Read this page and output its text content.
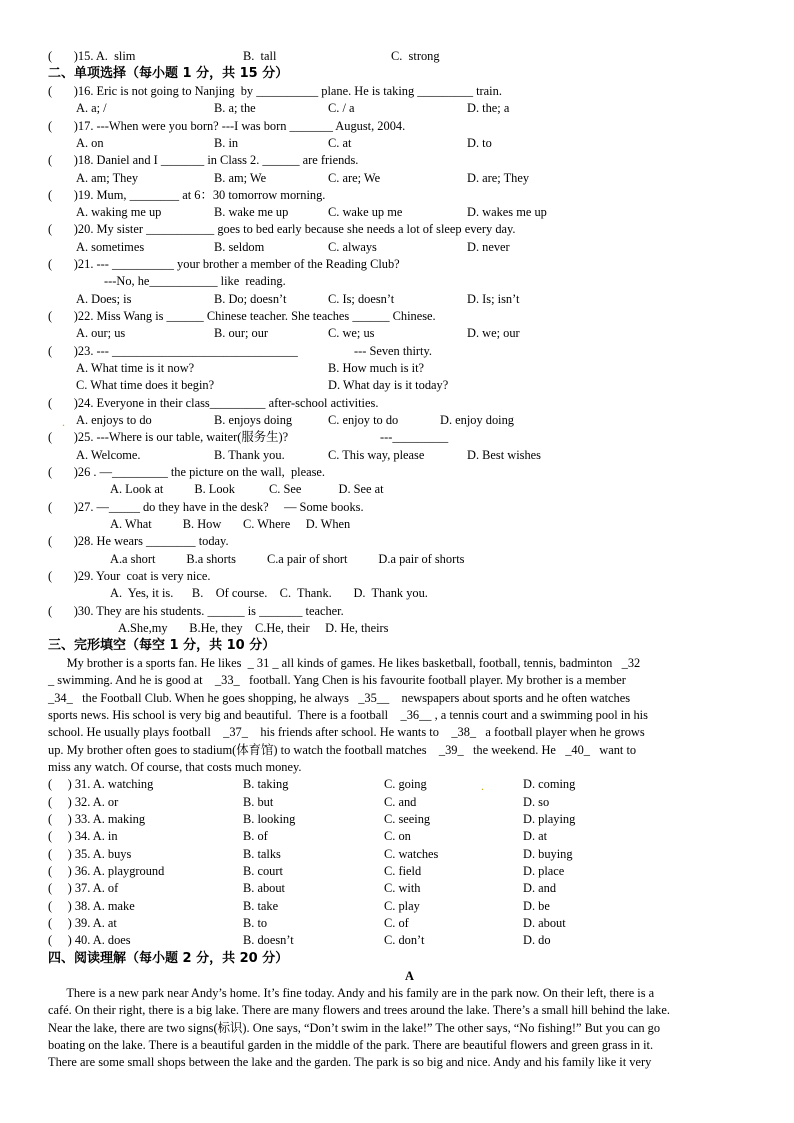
(       )15. A.  slim	B.  tall	C.  strong
二、单项选择（每小题 1 分，共 15 分）
(       )16. Eric is not going to Nanjing  by __________ plane. He is taking _________ train.
A. a; /	B. a; the	C. / a	D. the; a
(       )17. ---When were you born? ---I was born _______ August, 2004.
A. on	B. in	C. at	D. to
(       )18. Daniel and I _______ in Class 2. ______ are friends.
A. am; They	B. am; We	C. are; We	D. are; They
(       )19. Mum, ________ at 6：30 tomorrow morning.
A. waking me up	B. wake me up	C. wake up me	D. wakes me up
(       )20. My sister ___________ goes to bed early because she needs a lot of sleep every day.
A. sometimes	B. seldom	C. always	D. never
(       )21. --- __________ your brother a member of the Reading Club?
---No, he___________ like  reading.
A. Does; is	B. Do; doesn’t	C. Is; doesn’t	D. Is; isn’t
(       )22. Miss Wang is ______ Chinese teacher. She teaches ______ Chinese.
A. our; us	B. our; our	C. we; us	D. we; our
(       )23. --- ______________________________	--- Seven thirty.
A. What time is it now?	B. How much is it?
C. What time does it begin?	D. What day is it today?
(       )24. Everyone in their class_________ after-school activities.
. A. enjoys to do	B. enjoys doing	C. enjoy to do	D. enjoy doing
(       )25. ---Where is our table, waiter(服务生)?	---_________
A. Welcome.	B. Thank you.	C. This way, please	D. Best wishes
(       )26 . —_________ the picture on the wall,  please.
A. Look at          B. Look           C. See            D. See at
(       )27. —_____ do they have in the desk?     — Some books.
A. What          B. How       C. Where     D. When
(       )28. He wears ________ today.
A.a short          B.a shorts          C.a pair of short          D.a pair of shorts
(       )29. Your  coat is very nice.
A.  Yes, it is.      B.    Of course.    C.  Thank.       D.  Thank you.
(       )30. They are his students. ______ is _______ teacher.
A.She,my       B.He, they    C.He, their     D. He, theirs
三、完形填空（每空 1 分，共 10 分）
My brother is a sports fan. He likes  _ 31 _ all kinds of games. He likes basketball, football, tennis, badminton   _32
_ swimming. And he is good at    _33_   football. Yang Chen is his favourite football player. My brother is a member
_34_   the Football Club. When he goes shopping, he always   _35__    newspapers about sports and he often watches
sports news. His school is very big and beautiful.  There is a football    _36__ , a tennis court and a swimming pool in his
school. He usually plays football    _37_    his friends after school. He wants to    _38_   a football player when he grows
up. My brother often goes to stadium(体育馆) to watch the football matches    _39_   the weekend. He   _40_   want to
miss any watch. Of course, that costs much money.
(     ) 31. A. watching	B. taking	C. going	.	D. coming
(     ) 32. A. or	B. but	C. and	D. so
(     ) 33. A. making	B. looking	C. seeing	D. playing
(     ) 34. A. in	B. of	C. on	D. at
(     ) 35. A. buys	B. talks	C. watches	D. buying
(     ) 36. A. playground	B. court	C. field	D. place
(     ) 37. A. of	B. about	C. with	D. and
(     ) 38. A. make	B. take	C. play	D. be
(     ) 39. A. at	B. to	C. of	D. about
(     ) 40. A. does	B. doesn’t	C. don’t	D. do
四、阅读理解（每小题 2 分，共 20 分）
A
There is a new park near Andy’s home. It’s fine today. Andy and his family are in the park now. On their left, there is a
café. On their right, there is a big lake. There are many flowers and trees around the lake. There’s a small hill behind the lake.
Near the lake, there are two signs(标识). One says, “Don’t swim in the lake!” The other says, “No fishing!” But you can go
boating on the lake. There is a beautiful garden in the middle of the park. There are beautiful flowers and green grass in it.
There are some small shops between the lake and the garden. The park is so big and nice. Andy and his family like it very
